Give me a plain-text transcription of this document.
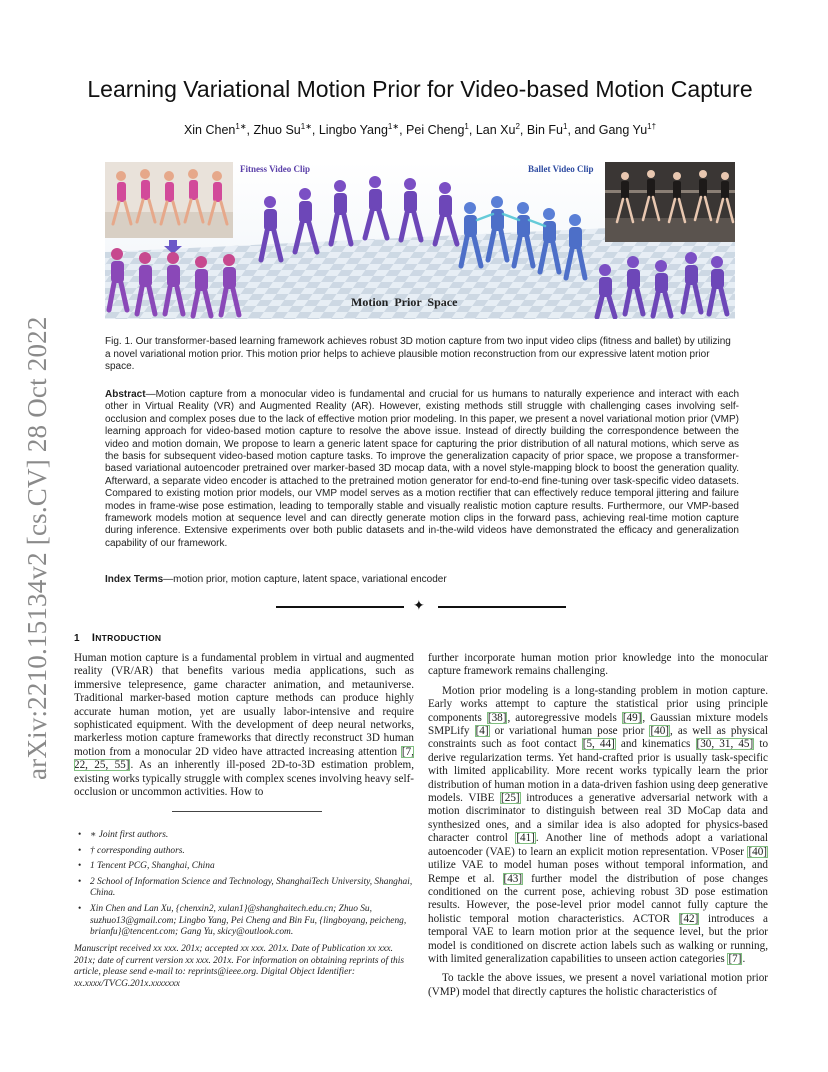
arXiv:2210.15134v2 [cs.CV] 28 Oct 2022
Learning Variational Motion Prior for Video-based Motion Capture
Xin Chen$^{1∗}$, Zhuo $Su^{1∗}$, Lingbo Yang$^{1∗}$, Pei Cheng$^1$, Lan Xu$^2$, Bin Fu$^1$, and Gang $Yu^{1\dagger}$
Fitness Video Clip	Ballet Video Clip
Motion  Prior  Space
Fig. 1. Our transformer-based learning framework achieves robust 3D motion capture from two input video clips (fitness and ballet) by utilizing a novel variational motion prior. This motion prior helps to achieve plausible motion reconstruction from our expressive latent motion prior space.
Abstract—Motion capture from a monocular video is fundamental and crucial for us humans to naturally experience and interact with each other in Virtual Reality (VR) and Augmented Reality (AR). However, existing methods still struggle with challenging cases involving self-occlusion and complex poses due to the lack of effective motion prior modeling. In this paper, we present a novel variational motion prior (VMP) learning approach for video-based motion capture to resolve the above issue. Instead of directly building the correspondence between the video and motion domain, We propose to learn a generic latent space for capturing the prior distribution of all natural motions, which serve as the basis for subsequent video-based motion capture tasks. To improve the generalization capacity of prior space, we propose a transformer-based variational autoencoder pretrained over marker-based 3D mocap data, with a novel style-mapping block to boost the generation quality. Afterward, a separate video encoder is attached to the pretrained motion generator for end-to-end fine-tuning over task-specific video datasets. Compared to existing motion prior models, our VMP model serves as a motion rectifier that can effectively reduce temporal jittering and failure modes in frame-wise pose estimation, leading to temporally stable and visually realistic motion capture results. Furthermore, our VMP-based framework models motion at sequence level and can directly generate motion clips in the forward pass, achieving real-time motion capture during inference. Extensive experiments over both public datasets and in-the-wild videos have demonstrated the efficacy and generalization capability of our framework.
Index Terms—motion prior, motion capture, latent space, variational encoder
✦
1 INTRODUCTION

Human motion capture is a fundamental problem in virtual and augmented reality (VR/AR) that benefits various media applications, such as immersive telepresence, game character animation, and metauniverse. Traditional marker-based motion capture methods can produce highly accurate human motion, yet are usually labor-intensive and require sophisticated equipment. With the development of deep neural networks, markerless motion capture frameworks that directly reconstruct 3D human motion from a monocular 2D video have attracted increasing attention [7, 22, 25, 55]. As an inherently ill-posed 2D-to-3D estimation problem, existing works typically struggle with complex scenes involving heavy self-occlusion or uncommon activities. How to

further incorporate human motion prior knowledge into the monocular capture framework remains challenging.

Motion prior modeling is a long-standing problem in motion capture. Early works attempt to capture the statistical prior using principle components [38], autoregressive models [49], Gaussian mixture models SMPLify [4] or variational human pose prior [40], as well as physical constraints such as foot contact [5, 44] and kinematics [30, 31, 45] to derive regularization terms. Yet hand-crafted prior is usually task-specific with limited applicability. More recent works typically learn the prior distribution of human motion in a data-driven fashion using deep generative models. VIBE [25] introduces a generative adversarial network with a motion discriminator to distinguish between real 3D MoCap data and synthesized ones, and a similar idea is also adopted for physics-based character control [41]. Another line of methods adopt a variational autoencoder (VAE) to learn an explicit motion representation. VPoser [40] utilize VAE to model human poses without temporal information, and Rempe et al. [43] further model the distribution of pose changes conditioned on the current pose, achieving robust 3D pose estimation results. However, the pose-level prior model cannot fully capture the holistic temporal motion characteristics. ACTOR [42] introduces a temporal VAE to learn motion prior at the sequence level, but the prior model is conditioned on discrete action labels such as walking or running, with limited generalization capabilities to unseen action categories [7].

To tackle the above issues, we present a novel variational motion prior (VMP) model that directly captures the holistic characteristics of

• ∗ Joint first authors.
• † corresponding authors.
• 1 Tencent PCG, Shanghai, China
• 2 School of Information Science and Technology, ShanghaiTech University, Shanghai, China.
• Xin Chen and Lan Xu, {chenxin2, xulan1}@shanghaitech.edu.cn; Zhuo Su, suzhuo13@gmail.com; Lingbo Yang, Pei Cheng and Bin Fu, {lingboyang, peicheng, brianfu}@tencent.com; Gang Yu, skicy@outlook.com.
Manuscript received xx xxx. 201x; accepted xx xxx. 201x. Date of Publication xx xxx. 201x; date of current version xx xxx. 201x. For information on obtaining reprints of this article, please send e-mail to: reprints@ieee.org. Digital Object Identifier: xx.xxxx/TVCG.201x.xxxxxxx
